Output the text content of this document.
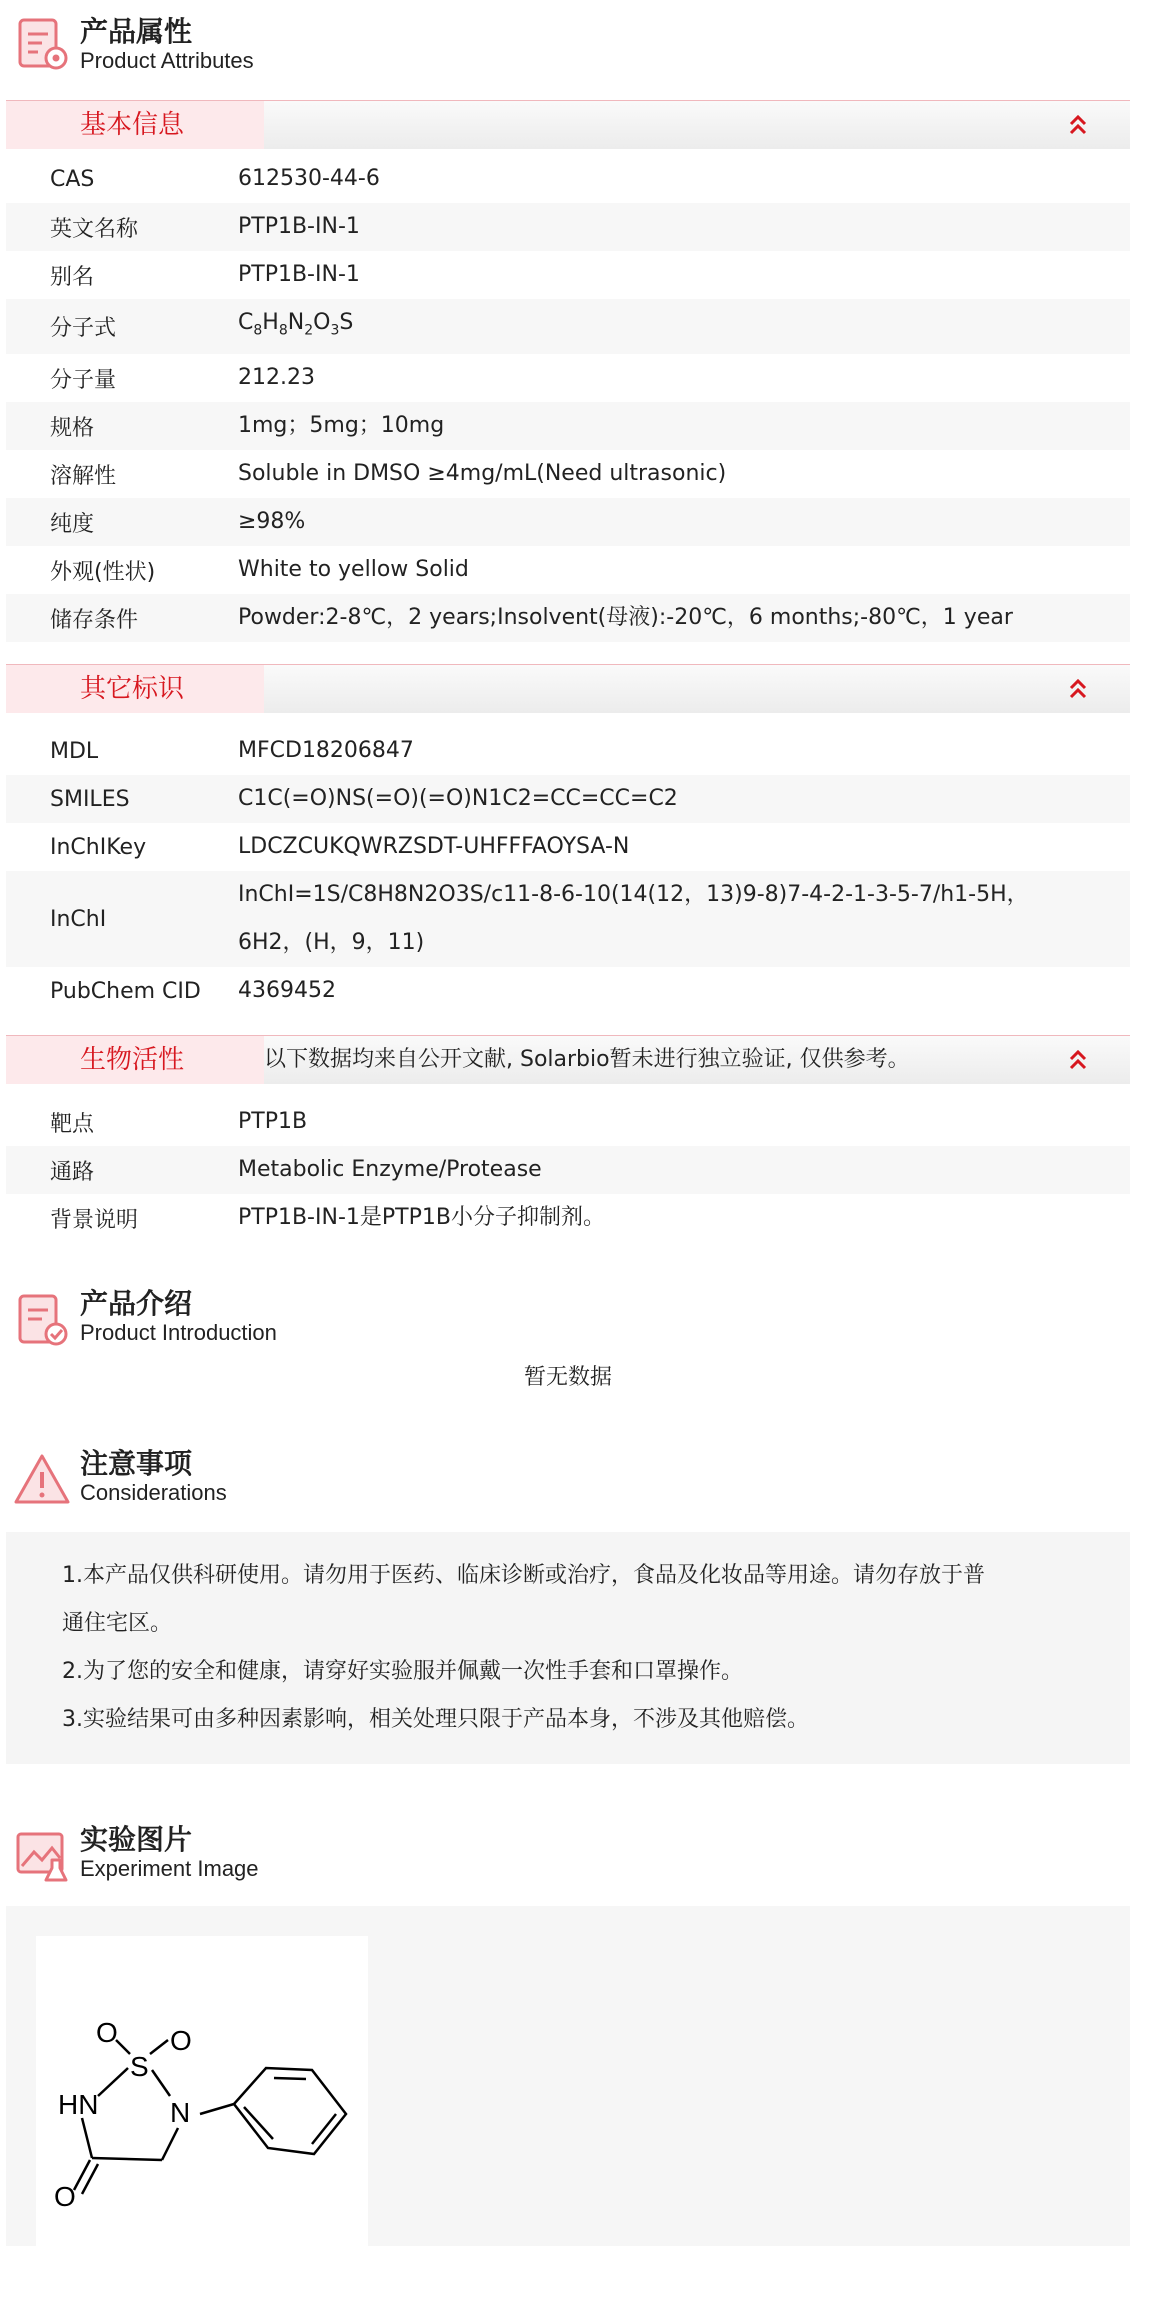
产品属性
Product Attributes
基本信息
CAS	612530-44-6
英文名称	PTP1B-IN-1
别名	PTP1B-IN-1
分子式	$C_8H_8N_2O_3S$
分子量	212.23
规格	1mg；5mg；10mg
溶解性	Soluble in DMSO ≥4mg/mL(Need ultrasonic)
纯度	≥98%
外观(性状)	White to yellow Solid
储存条件	Powder:2-8℃，2 years;Insolvent(母液):-20℃，6 months;-80℃，1 year
其它标识
MDL	MFCD18206847
SMILES	C1C(=O)NS(=O)(=O)N1C2=CC=CC=C2
InChIKey	LDCZCUKQWRZSDT-UHFFFAOYSA-N
InChI
InChI=1S/C8H8N2O3S/c11-8-6-10(14(12，13)9-8)7-4-2-1-3-5-7/h1-5H，
6H2，(H，9，11)
PubChem CID	4369452
生物活性	以下数据均来自公开文献, Solarbio暂未进行独立验证, 仅供参考。
靶点	PTP1B
通路	Metabolic Enzyme/Protease
背景说明	PTP1B-IN-1是PTP1B小分子抑制剂。
产品介绍
Product Introduction
暂无数据
注意事项
Considerations
1.本产品仅供科研使用。请勿用于医药、临床诊断或治疗，食品及化妆品等用途。请勿存放于普
通住宅区。
2.为了您的安全和健康，请穿好实验服并佩戴一次性手套和口罩操作。
3.实验结果可由多种因素影响，相关处理只限于产品本身，不涉及其他赔偿。
实验图片
Experiment Image
O
S
O
HN	N
O
